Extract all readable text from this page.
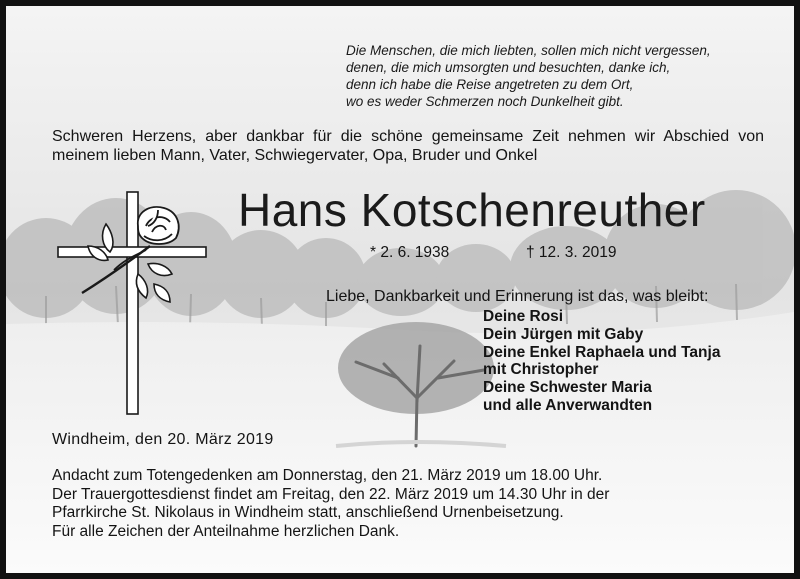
Die Menschen, die mich liebten, sollen mich nicht vergessen,
denen, die mich umsorgten und besuchten, danke ich,
denn ich habe die Reise angetreten zu dem Ort,
wo es weder Schmerzen noch Dunkelheit gibt.
Schweren Herzens, aber dankbar für die schöne gemeinsame Zeit nehmen wir Abschied von meinem lieben Mann, Vater, Schwiegervater, Opa, Bruder und Onkel
Hans Kotschenreuther
* 2. 6. 1938	† 12. 3. 2019
Liebe, Dankbarkeit und Erinnerung ist das, was bleibt:
Deine Rosi
Dein Jürgen mit Gaby
Deine Enkel Raphaela und Tanja
mit Christopher
Deine Schwester Maria
und alle Anverwandten
Windheim, den 20. März 2019
Andacht zum Totengedenken am Donnerstag, den 21. März 2019 um 18.00 Uhr.
Der Trauergottesdienst findet am Freitag, den 22. März 2019 um 14.30 Uhr in der
Pfarrkirche St. Nikolaus in Windheim statt, anschließend Urnenbeisetzung.
Für alle Zeichen der Anteilnahme herzlichen Dank.
